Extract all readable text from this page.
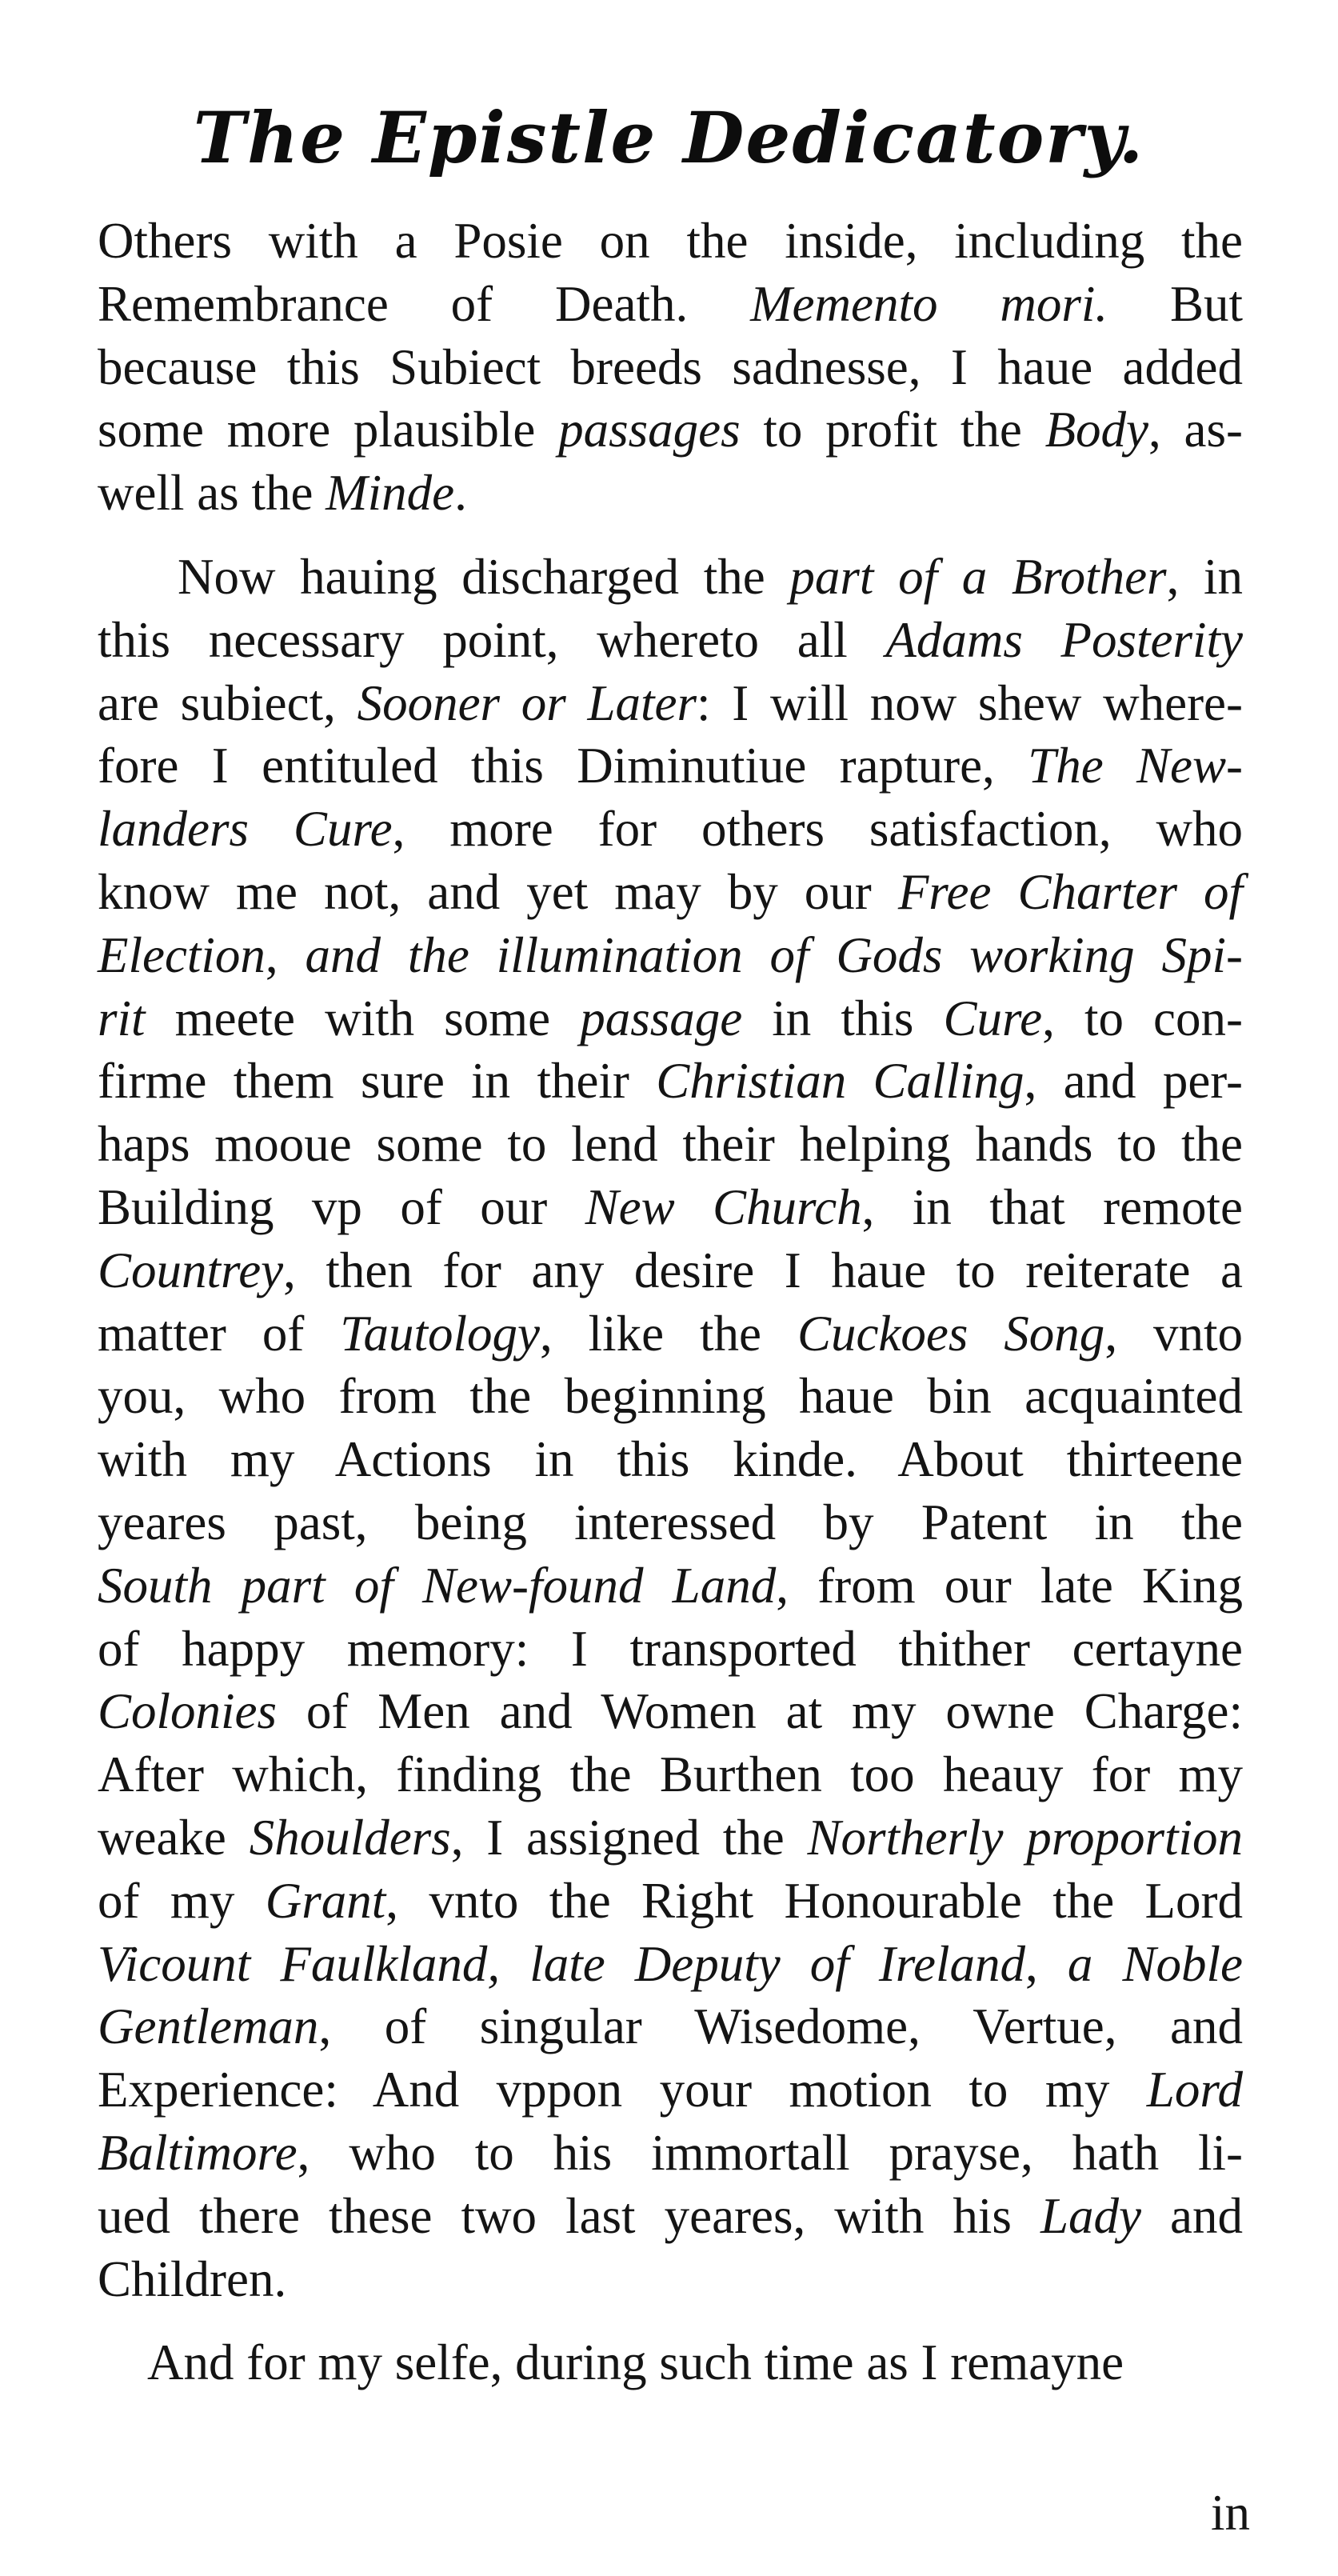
The Epistle Dedicatory.
Others with a Posie on the inside, including the
Remembrance of Death. Memento mori. But
because this Subiect breeds sadnesse, I haue added
some more plausible passages to profit the Body, as-
well as the Minde.
Now hauing discharged the part of a Brother, in
this necessary point, whereto all Adams Posterity
are subiect, Sooner or Later: I will now shew where-
fore I entituled this Diminutiue rapture, The New-
landers Cure, more for others satisfaction, who
know me not, and yet may by our Free Charter of
Election, and the illumination of Gods working Spi-
rit meete with some passage in this Cure, to con-
firme them sure in their Christian Calling, and per-
haps mooue some to lend their helping hands to the
Building vp of our New Church, in that remote
Countrey, then for any desire I haue to reiterate a
matter of Tautology, like the Cuckoes Song, vnto
you, who from the beginning haue bin acquainted
with my Actions in this kinde. About thirteene
yeares past, being interessed by Patent in the
South part of New-found Land, from our late King
of happy memory: I transported thither certayne
Colonies of Men and Women at my owne Charge:
After which, finding the Burthen too heauy for my
weake Shoulders, I assigned the Northerly proportion
of my Grant, vnto the Right Honourable the Lord
Vicount Faulkland, late Deputy of Ireland, a Noble
Gentleman, of singular Wisedome, Vertue, and
Experience: And vppon your motion to my Lord
Baltimore, who to his immortall prayse, hath li-
ued there these two last yeares, with his Lady and
Children.
And for my selfe, during such time as I remayne
in
